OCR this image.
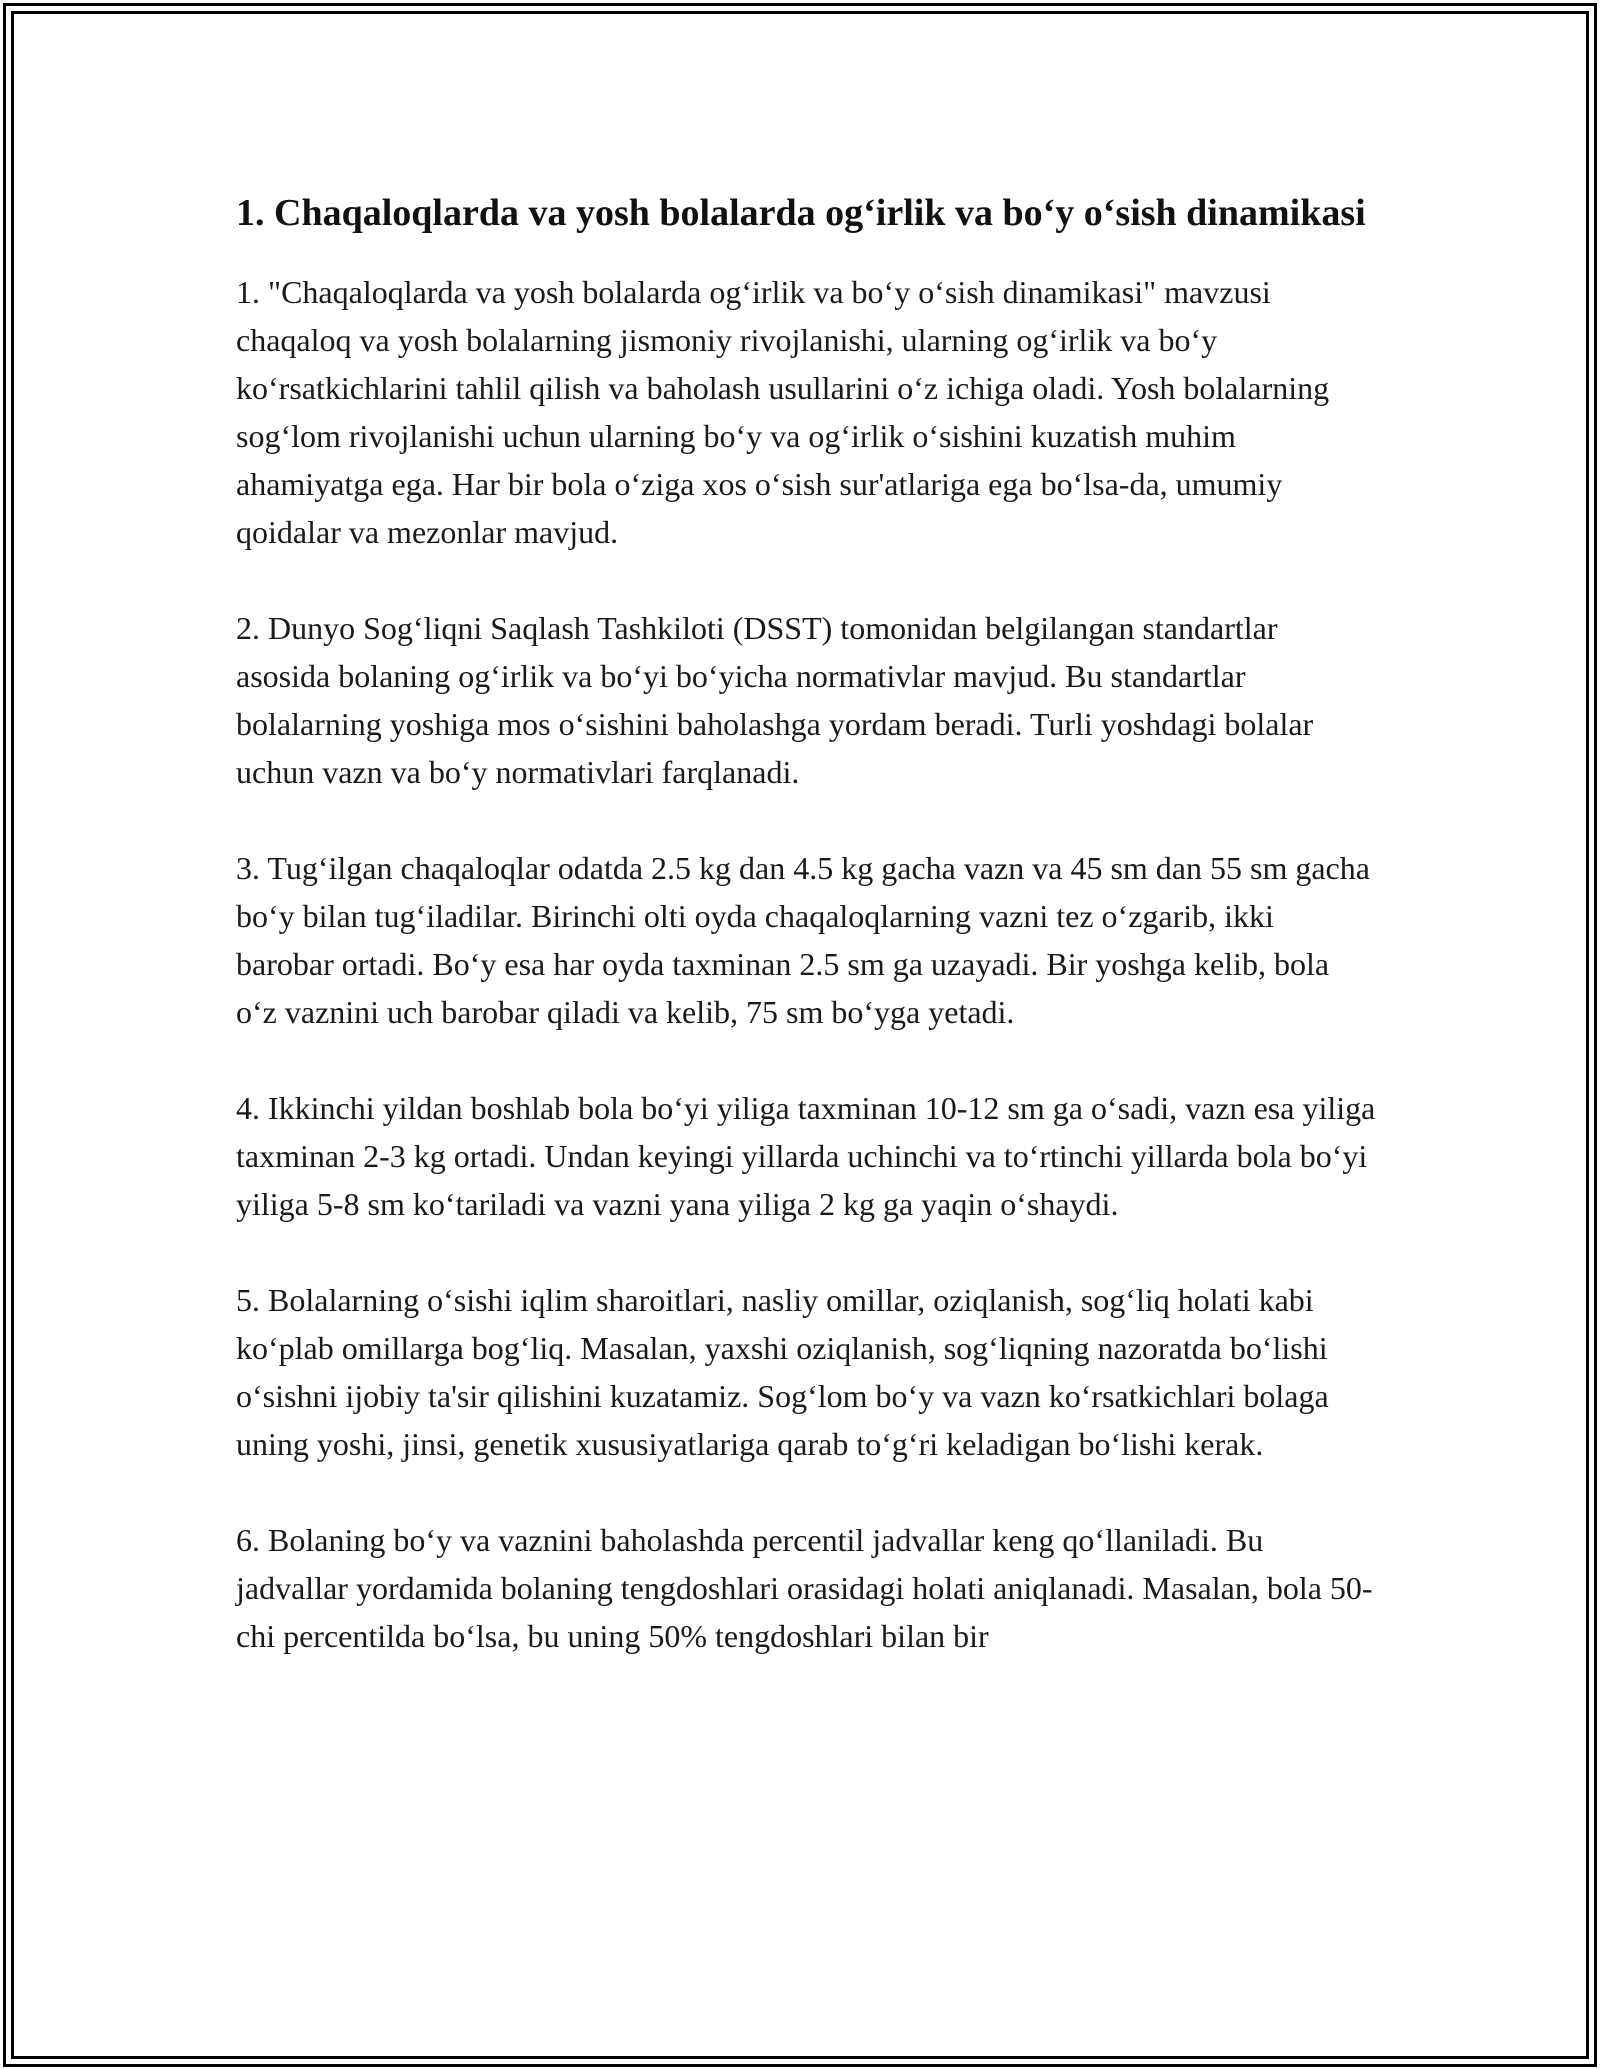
1. Chaqaloqlarda va yosh bolalarda og‘irlik va bo‘y o‘sish dinamikasi

1. "Chaqaloqlarda va yosh bolalarda og‘irlik va bo‘y o‘sish dinamikasi" mavzusi chaqaloq va yosh bolalarning jismoniy rivojlanishi, ularning og‘irlik va bo‘y ko‘rsatkichlarini tahlil qilish va baholash usullarini o‘z ichiga oladi. Yosh bolalarning sog‘lom rivojlanishi uchun ularning bo‘y va og‘irlik o‘sishini kuzatish muhim ahamiyatga ega. Har bir bola o‘ziga xos o‘sish sur'atlariga ega bo‘lsa-da, umumiy qoidalar va mezonlar mavjud.

2. Dunyo Sog‘liqni Saqlash Tashkiloti (DSST) tomonidan belgilangan standartlar asosida bolaning og‘irlik va bo‘yi bo‘yicha normativlar mavjud. Bu standartlar bolalarning yoshiga mos o‘sishini baholashga yordam beradi. Turli yoshdagi bolalar uchun vazn va bo‘y normativlari farqlanadi.

3. Tug‘ilgan chaqaloqlar odatda 2.5 kg dan 4.5 kg gacha vazn va 45 sm dan 55 sm gacha bo‘y bilan tug‘iladilar. Birinchi olti oyda chaqaloqlarning vazni tez o‘zgarib, ikki barobar ortadi. Bo‘y esa har oyda taxminan 2.5 sm ga uzayadi. Bir yoshga kelib, bola o‘z vaznini uch barobar qiladi va kelib, 75 sm bo‘yga yetadi.

4. Ikkinchi yildan boshlab bola bo‘yi yiliga taxminan 10-12 sm ga o‘sadi, vazn esa yiliga taxminan 2-3 kg ortadi. Undan keyingi yillarda uchinchi va to‘rtinchi yillarda bola bo‘yi yiliga 5-8 sm ko‘tariladi va vazni yana yiliga 2 kg ga yaqin o‘shaydi.

5. Bolalarning o‘sishi iqlim sharoitlari, nasliy omillar, oziqlanish, sog‘liq holati kabi ko‘plab omillarga bog‘liq. Masalan, yaxshi oziqlanish, sog‘liqning nazoratda bo‘lishi o‘sishni ijobiy ta'sir qilishini kuzatamiz. Sog‘lom bo‘y va vazn ko‘rsatkichlari bolaga uning yoshi, jinsi, genetik xususiyatlariga qarab to‘g‘ri keladigan bo‘lishi kerak.

6. Bolaning bo‘y va vaznini baholashda percentil jadvallar keng qo‘llaniladi. Bu jadvallar yordamida bolaning tengdoshlari orasidagi holati aniqlanadi. Masalan, bola 50-chi percentilda bo‘lsa, bu uning 50% tengdoshlari bilan bir
